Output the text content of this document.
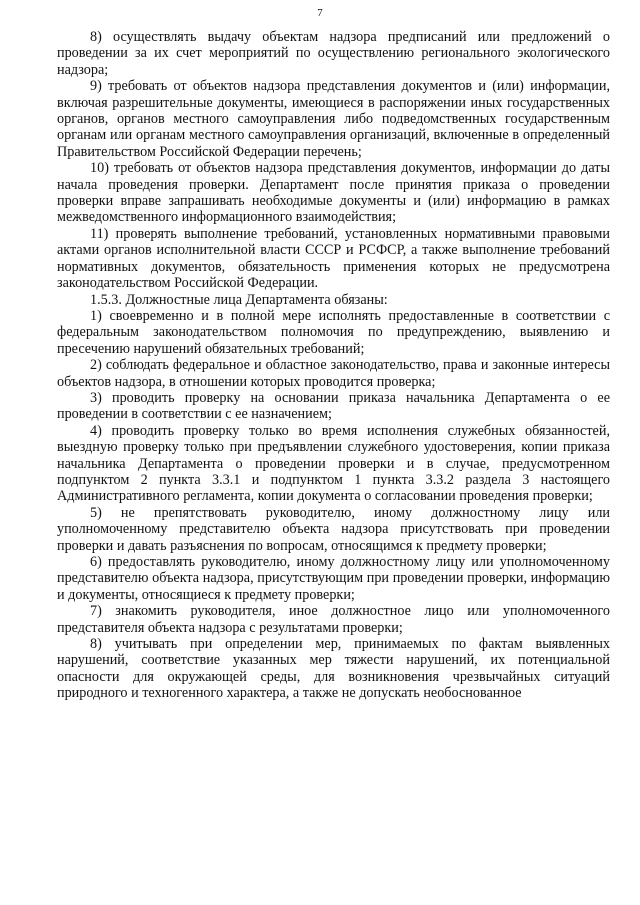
7

8) осуществлять выдачу объектам надзора предписаний или предложений о проведении за их счет мероприятий по осуществлению регионального экологического надзора;

9) требовать от объектов надзора представления документов и (или) информации, включая разрешительные документы, имеющиеся в распоряжении иных государственных органов, органов местного самоуправления либо подведомственных государственным органам или органам местного самоуправления организаций, включенные в определенный Правительством Российской Федерации перечень;

10) требовать от объектов надзора представления документов, информации до даты начала проведения проверки. Департамент после принятия приказа о проведении проверки вправе запрашивать необходимые документы и (или) информацию в рамках межведомственного информационного взаимодействия;

11) проверять выполнение требований, установленных нормативными правовыми актами органов исполнительной власти СССР и РСФСР, а также выполнение требований нормативных документов, обязательность применения которых не предусмотрена законодательством Российской Федерации.

1.5.3. Должностные лица Департамента обязаны:

1) своевременно и в полной мере исполнять предоставленные в соответствии с федеральным законодательством полномочия по предупреждению, выявлению и пресечению нарушений обязательных требований;

2) соблюдать федеральное и областное законодательство, права и законные интересы объектов надзора, в отношении которых проводится проверка;

3) проводить проверку на основании приказа начальника Департамента о ее проведении в соответствии с ее назначением;

4) проводить проверку только во время исполнения служебных обязанностей, выездную проверку только при предъявлении служебного удостоверения, копии приказа начальника Департамента о проведении проверки и в случае, предусмотренном подпунктом 2 пункта 3.3.1 и подпунктом 1 пункта 3.3.2 раздела 3 настоящего Административного регламента, копии документа о согласовании проведения проверки;

5) не препятствовать руководителю, иному должностному лицу или уполномоченному представителю объекта надзора присутствовать при проведении проверки и давать разъяснения по вопросам, относящимся к предмету проверки;

6) предоставлять руководителю, иному должностному лицу или уполномоченному представителю объекта надзора, присутствующим при проведении проверки, информацию и документы, относящиеся к предмету проверки;

7) знакомить руководителя, иное должностное лицо или уполномоченного представителя объекта надзора с результатами проверки;

8) учитывать при определении мер, принимаемых по фактам выявленных нарушений, соответствие указанных мер тяжести нарушений, их потенциальной опасности для окружающей среды, для возникновения чрезвычайных ситуаций природного и техногенного характера, а также не допускать необоснованное
